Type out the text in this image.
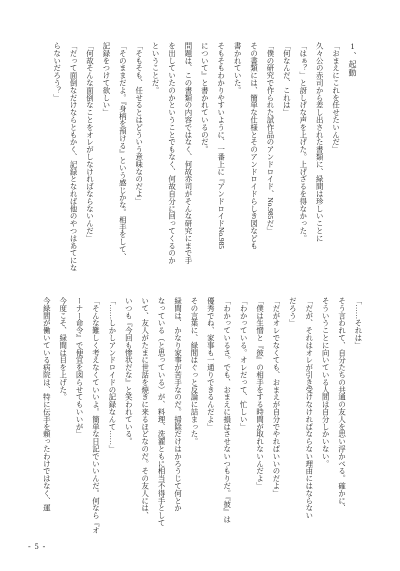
1、起動

「おまえにこれを任せたいんだ」

久々公の赤司から差し出された書類に、緑間は珍しいことに

「はぁ？」と訝しげな声を上げた。上げざるを得なかった。

「何なんだ、これは」

「僕の研究で作られた試作品のアンドロイド、No.985だ」

その書類には、簡単な仕様とそのアンドロイドらしき図なども

書かれていた。

そもそもわかりやすいように、一番上に『アンドロイドNo.985

について』と書かれているのだ。

問題は、この書類の内容ではなく、何故赤司がそんな研究にまで手

を出していたのかということでもなく、何故自分に回ってくるのか

ということだ。

「そもそも、任せるとはどういう意味なのだよ」

「そのままだよ。『身柄を預ける』という感じかな。相手をして、

記録をつけて欲しい」

「何故そんな面倒なことをオレがしなければならないんだ」

「だって面倒なだけならともかく、記録となれば他のやつはあてにな

らないだろう？」

「……それは」

そう言われて、自分たちの共通の友人を思い浮かべる。確かに、

そういうことに向いている人間は自分しかいない。

「だが、それはオレが引き受けなければならない理由にはならない

だろう」

「だがオレでなくても、おまえが自分でやればいいのだよ」

「僕は生憎と『彼』の相手をする時間が取れないんだよ」

「わかっている。オレだって、忙しい」

「わかっているさ。でも、おまえに損はさせないつもりだ。『彼』は

優秀でね、家事も一通りできるんだよ」

その言葉に、緑間はぐっと反論に詰まった。

緑間は、かなり家事が苦手なのだ。掃除だけはかろうじて何とか

なっている（と思っている）が、料理、洗濯ともに相当不得手として

いて、友人がたまに世話を焼きに来るほどなのだ。その友人には、

いつも『今回も惨状だな』と笑われている。

「……しかしアンドロイドの記録なんて……」

「そんな難しく考えなくていいよ。簡単な日記でいいんだ。何なら『オ

ーナー命令』で便宜を図らせてもいいが」

今度こそ、緑間は目を上げた。

今緑間が働いている病院は、特に伝手を頼ったわけではなく、運

- 5 -
